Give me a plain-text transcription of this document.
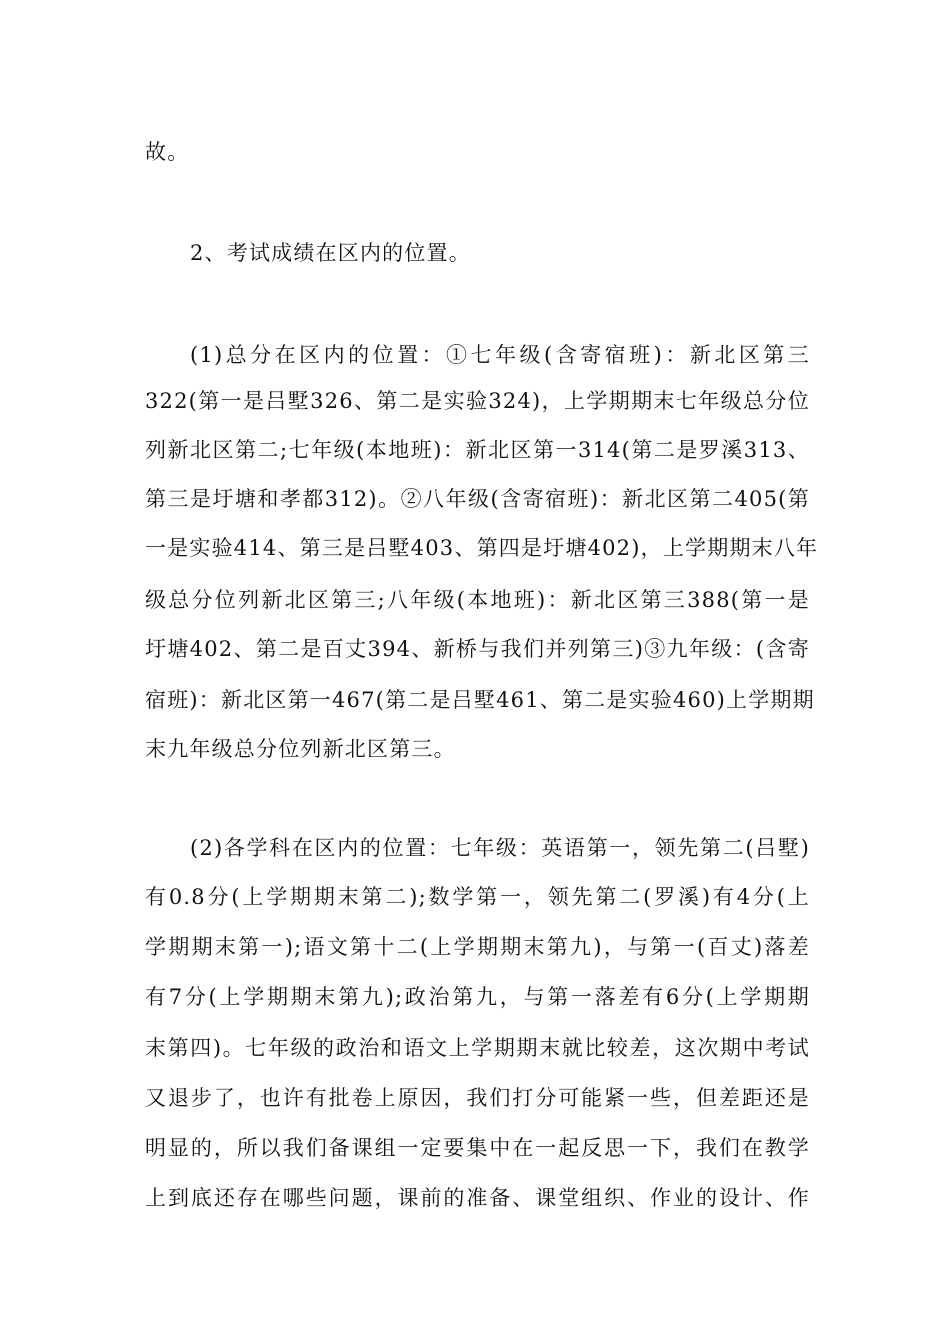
故。
2、考试成绩在区内的位置。
(1)总分在区内的位置：①七年级(含寄宿班)：新北区第三
322(第一是吕墅326、第二是实验324)，上学期期末七年级总分位
列新北区第二;七年级(本地班)：新北区第一314(第二是罗溪313、
第三是圩塘和孝都312)。②八年级(含寄宿班)：新北区第二405(第
一是实验414、第三是吕墅403、第四是圩塘402)，上学期期末八年
级总分位列新北区第三;八年级(本地班)：新北区第三388(第一是
圩塘402、第二是百丈394、新桥与我们并列第三)③九年级：(含寄
宿班)：新北区第一467(第二是吕墅461、第二是实验460)上学期期
末九年级总分位列新北区第三。
(2)各学科在区内的位置：七年级：英语第一，领先第二(吕墅)
有0.8分(上学期期末第二);数学第一，领先第二(罗溪)有4分(上
学期期末第一);语文第十二(上学期期末第九)，与第一(百丈)落差
有7分(上学期期末第九);政治第九，与第一落差有6分(上学期期
末第四)。七年级的政治和语文上学期期末就比较差，这次期中考试
又退步了，也许有批卷上原因，我们打分可能紧一些，但差距还是
明显的，所以我们备课组一定要集中在一起反思一下，我们在教学
上到底还存在哪些问题，课前的准备、课堂组织、作业的设计、作
